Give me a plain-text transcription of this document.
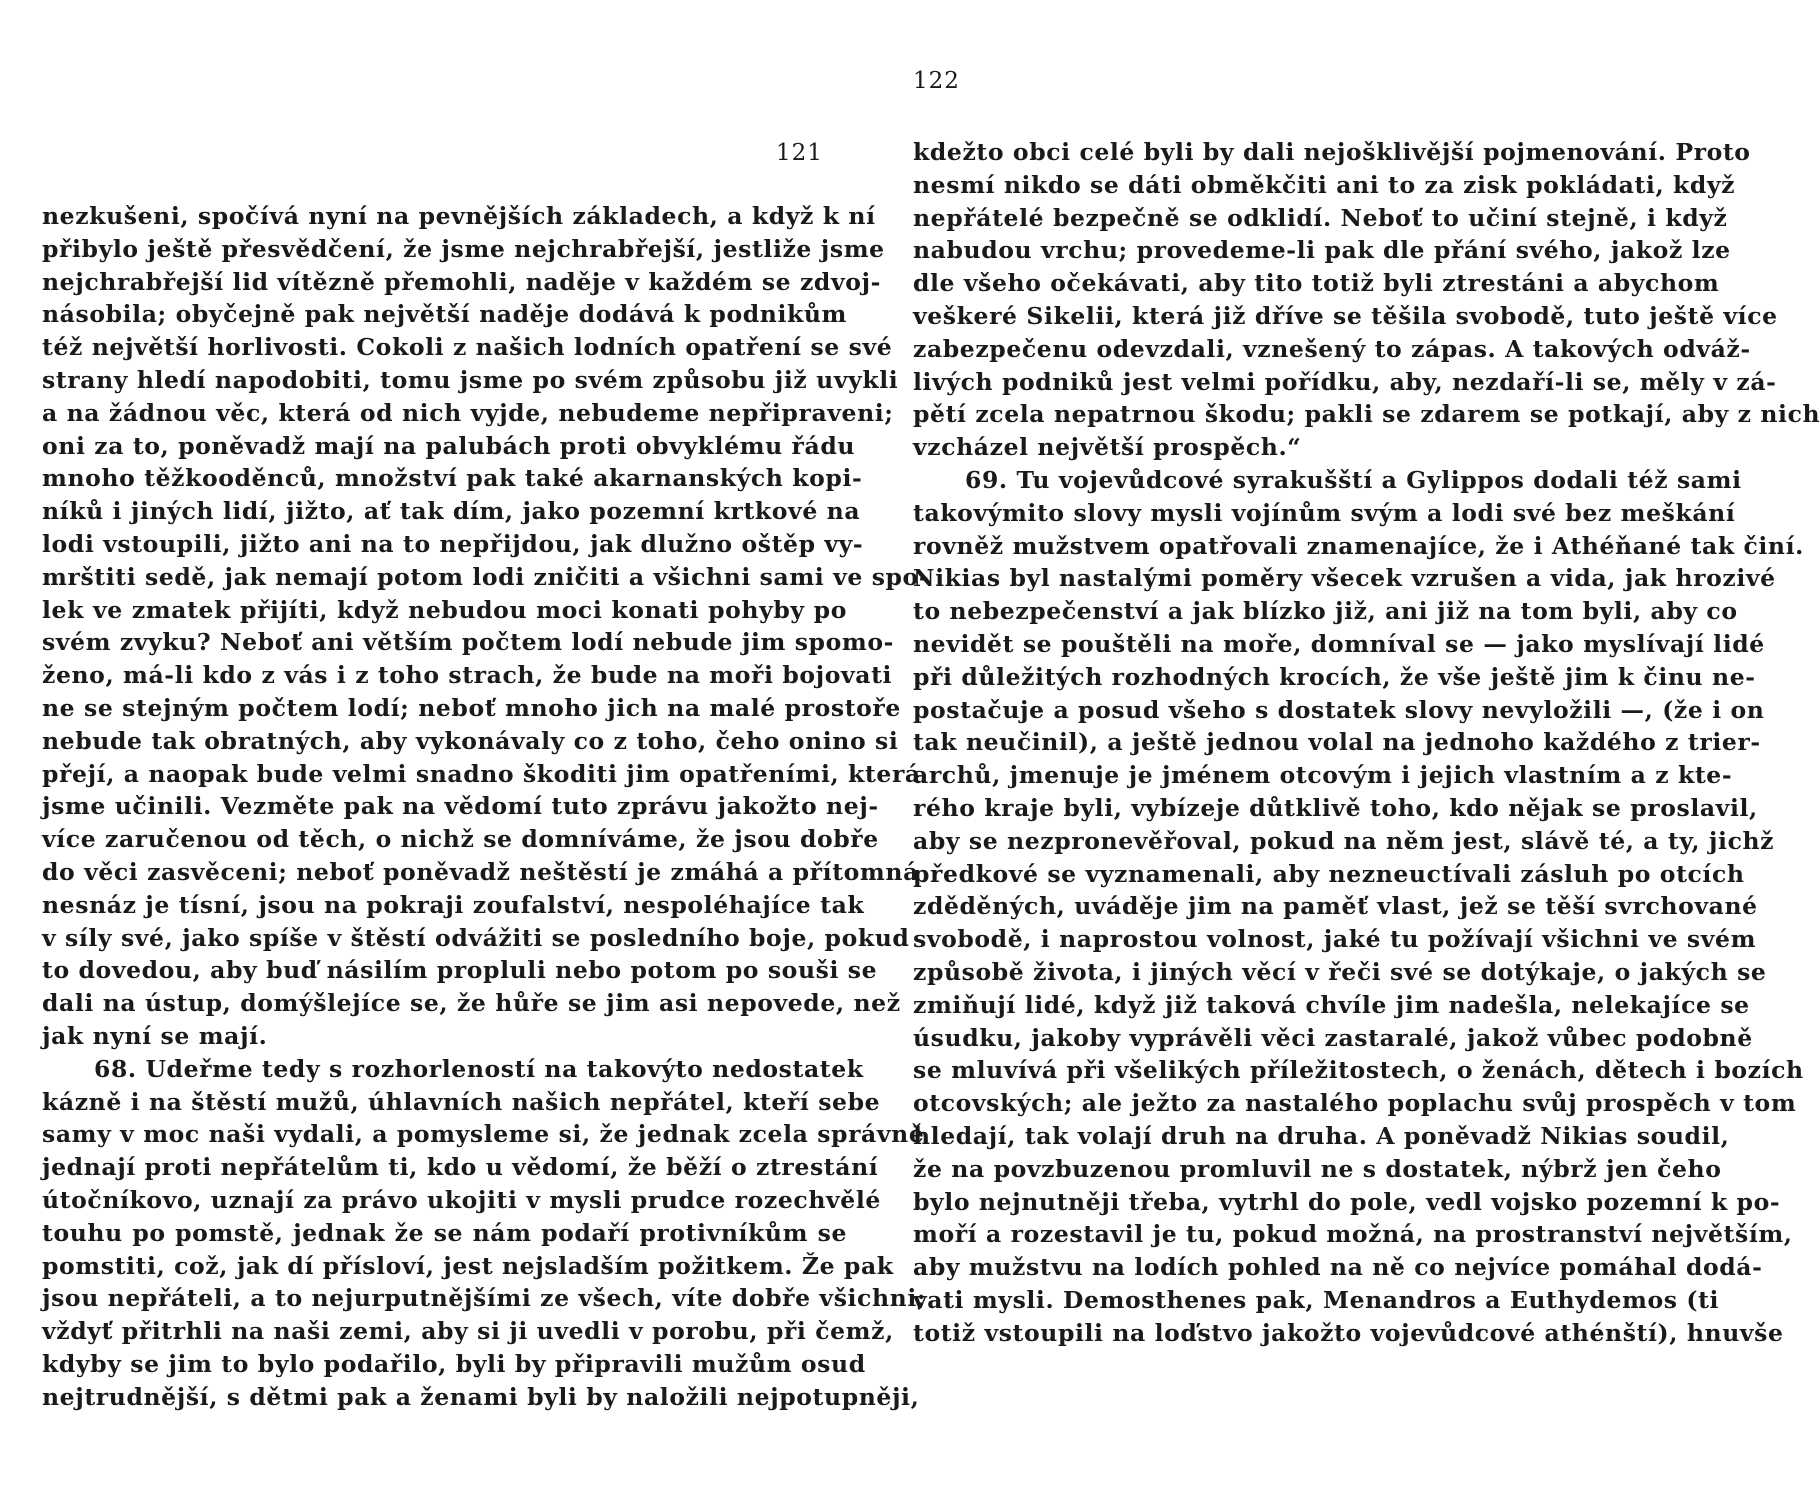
121
nezkušeni, spočívá nyní na pevnějších základech, a když k ní
přibylo ještě přesvědčení, že jsme nejchrabřejší, jestliže jsme
nejchrabřejší lid vítězně přemohli, naděje v každém se zdvoj-
násobila; obyčejně pak největší naděje dodává k podnikům
též největší horlivosti. Cokoli z našich lodních opatření se své
strany hledí napodobiti, tomu jsme po svém způsobu již uvykli
a na žádnou věc, která od nich vyjde, nebudeme nepřipraveni;
oni za to, poněvadž mají na palubách proti obvyklému řádu
mnoho těžkooděnců, množství pak také akarnanských kopi-
níků i jiných lidí, jižto, ať tak dím, jako pozemní krtkové na
lodi vstoupili, jižto ani na to nepřijdou, jak dlužno oštěp vy-
mrštiti sedě, jak nemají potom lodi zničiti a všichni sami ve spo-
lek ve zmatek přijíti, když nebudou moci konati pohyby po
svém zvyku? Neboť ani větším počtem lodí nebude jim spomo-
ženo, má-li kdo z vás i z toho strach, že bude na moři bojovati
ne se stejným počtem lodí; neboť mnoho jich na malé prostoře
nebude tak obratných, aby vykonávaly co z toho, čeho onino si
přejí, a naopak bude velmi snadno škoditi jim opatřeními, která
jsme učinili. Vezměte pak na vědomí tuto zprávu jakožto nej-
více zaručenou od těch, o nichž se domníváme, že jsou dobře
do věci zasvěceni; neboť poněvadž neštěstí je zmáhá a přítomná
nesnáz je tísní, jsou na pokraji zoufalství, nespoléhajíce tak
v síly své, jako spíše v štěstí odvážiti se posledního boje, pokud
to dovedou, aby buď násilím propluli nebo potom po souši se
dali na ústup, domýšlejíce se, že hůře se jim asi nepovede, než
jak nyní se mají.
68. Udeřme tedy s rozhorleností na takovýto nedostatek
kázně i na štěstí mužů, úhlavních našich nepřátel, kteří sebe
samy v moc naši vydali, a pomysleme si, že jednak zcela správně
jednají proti nepřátelům ti, kdo u vědomí, že běží o ztrestání
útočníkovo, uznají za právo ukojiti v mysli prudce rozechvělé
touhu po pomstě, jednak že se nám podaří protivníkům se
pomstiti, což, jak dí přísloví, jest nejsladším požitkem. Že pak
jsou nepřáteli, a to nejurputnějšími ze všech, víte dobře všichni;
vždyť přitrhli na naši zemi, aby si ji uvedli v porobu, při čemž,
kdyby se jim to bylo podařilo, byli by připravili mužům osud
nejtrudnější, s dětmi pak a ženami byli by naložili nejpotupněji,
122
kdežto obci celé byli by dali nejošklivější pojmenování. Proto
nesmí nikdo se dáti obměkčiti ani to za zisk pokládati, když
nepřátelé bezpečně se odklidí. Neboť to učiní stejně, i když
nabudou vrchu; provedeme-li pak dle přání svého, jakož lze
dle všeho očekávati, aby tito totiž byli ztrestáni a abychom
veškeré Sikelii, která již dříve se těšila svobodě, tuto ještě více
zabezpečenu odevzdali, vznešený to zápas. A takových odváž-
livých podniků jest velmi pořídku, aby, nezdaří-li se, měly v zá-
pětí zcela nepatrnou škodu; pakli se zdarem se potkají, aby z nich
vzcházel největší prospěch.“
69. Tu vojevůdcové syrakušští a Gylippos dodali též sami
takovýmito slovy mysli vojínům svým a lodi své bez meškání
rovněž mužstvem opatřovali znamenajíce, že i Athéňané tak činí.
Nikias byl nastalými poměry všecek vzrušen a vida, jak hrozivé
to nebezpečenství a jak blízko již, ani již na tom byli, aby co
nevidět se pouštěli na moře, domníval se — jako myslívají lidé
při důležitých rozhodných krocích, že vše ještě jim k činu ne-
postačuje a posud všeho s dostatek slovy nevyložili —, (že i on
tak neučinil), a ještě jednou volal na jednoho každého z trier-
archů, jmenuje je jménem otcovým i jejich vlastním a z kte-
rého kraje byli, vybízeje důtklivě toho, kdo nějak se proslavil,
aby se nezpronevěřoval, pokud na něm jest, slávě té, a ty, jichž
předkové se vyznamenali, aby nezneuctívali zásluh po otcích
zděděných, uváděje jim na paměť vlast, jež se těší svrchované
svobodě, i naprostou volnost, jaké tu požívají všichni ve svém
způsobě života, i jiných věcí v řeči své se dotýkaje, o jakých se
zmiňují lidé, když již taková chvíle jim nadešla, nelekajíce se
úsudku, jakoby vyprávěli věci zastaralé, jakož vůbec podobně
se mluvívá při všelikých příležitostech, o ženách, dětech i bozích
otcovských; ale ježto za nastalého poplachu svůj prospěch v tom
hledají, tak volají druh na druha. A poněvadž Nikias soudil,
že na povzbuzenou promluvil ne s dostatek, nýbrž jen čeho
bylo nejnutněji třeba, vytrhl do pole, vedl vojsko pozemní k po-
moří a rozestavil je tu, pokud možná, na prostranství největším,
aby mužstvu na lodích pohled na ně co nejvíce pomáhal dodá-
vati mysli. Demosthenes pak, Menandros a Euthydemos (ti
totiž vstoupili na loďstvo jakožto vojevůdcové athénští), hnuvše
